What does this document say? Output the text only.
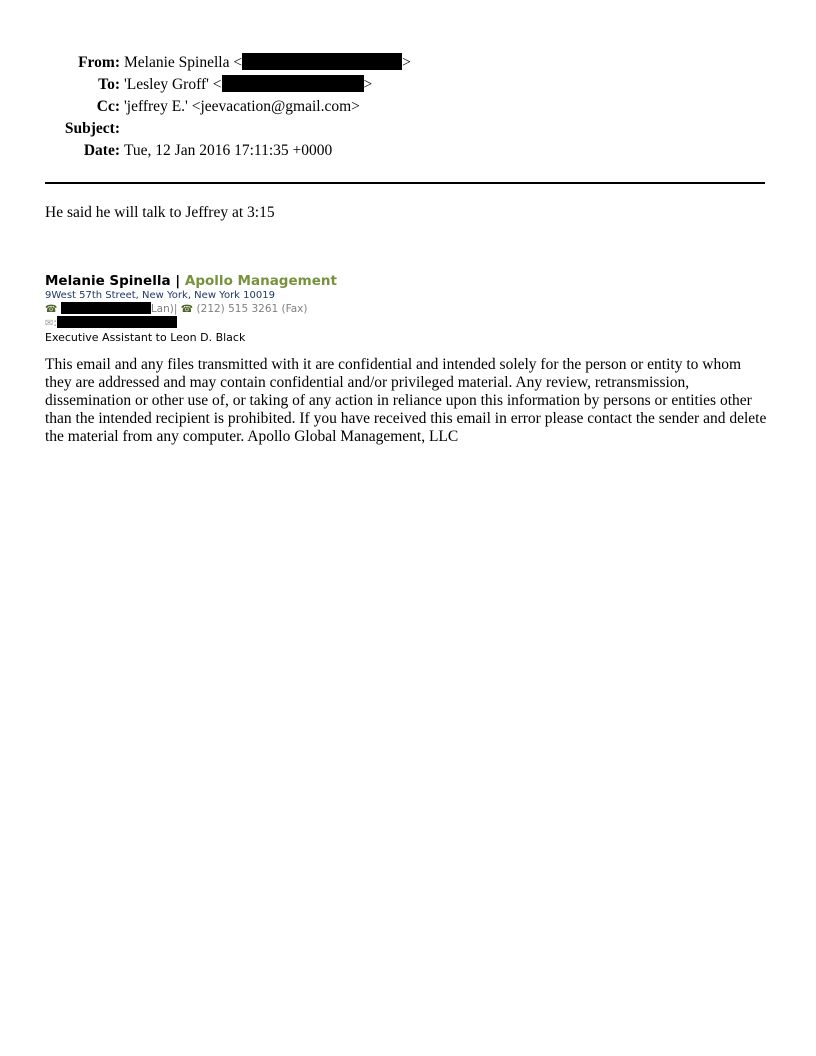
From: Melanie Spinella <	>
To: 'Lesley Groff' <	>
Cc: 'jeffrey E.' <jeevacation@gmail.com>
Subject:
Date: Tue, 12 Jan 2016 17:11:35 +0000
He said he will talk to Jeffrey at 3:15
Melanie Spinella | Apollo Management
9West 57th Street, New York, New York 10019
☎	Lan)| ☎ (212) 515 3261 (Fax)
✉:
Executive Assistant to Leon D. Black
This email and any files transmitted with it are confidential and intended solely for the person or entity to whom they are addressed and may contain confidential and/or privileged material. Any review, retransmission, dissemination or other use of, or taking of any action in reliance upon this information by persons or entities other than the intended recipient is prohibited. If you have received this email in error please contact the sender and delete the material from any computer. Apollo Global Management, LLC
